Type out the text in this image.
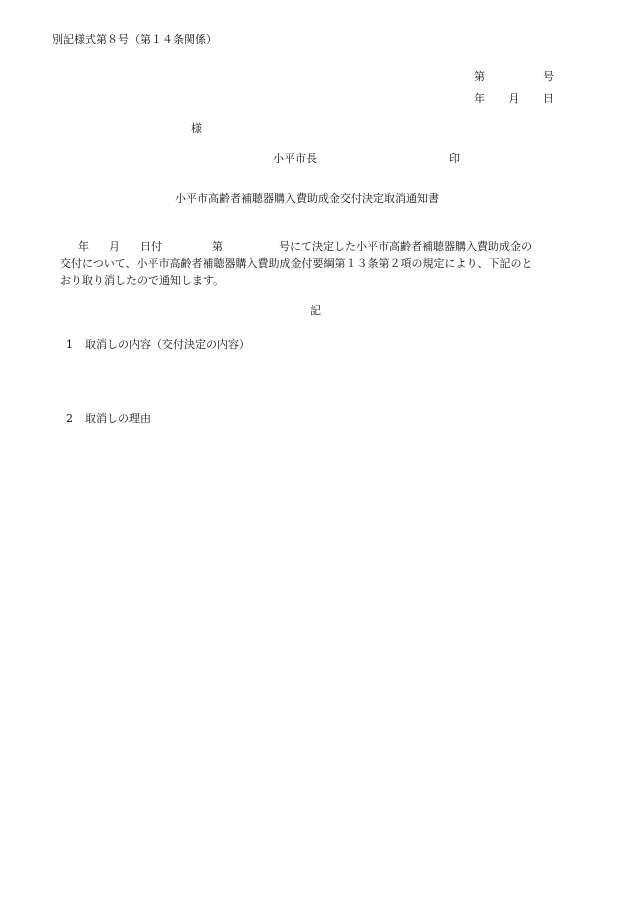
別記様式第８号（第１４条関係）
第	号
年 月 日
様
小平市長	印
小平市高齢者補聴器購入費助成金交付決定取消通知書
年 月 日付	第	号にて決定した小平市高齢者補聴器購入費助成金の
交付について、小平市高齢者補聴器購入費助成金付要綱第１３条第２項の規定により、下記のと
おり取り消したので通知します。
記
1 取消しの内容（交付決定の内容）
2 取消しの理由
